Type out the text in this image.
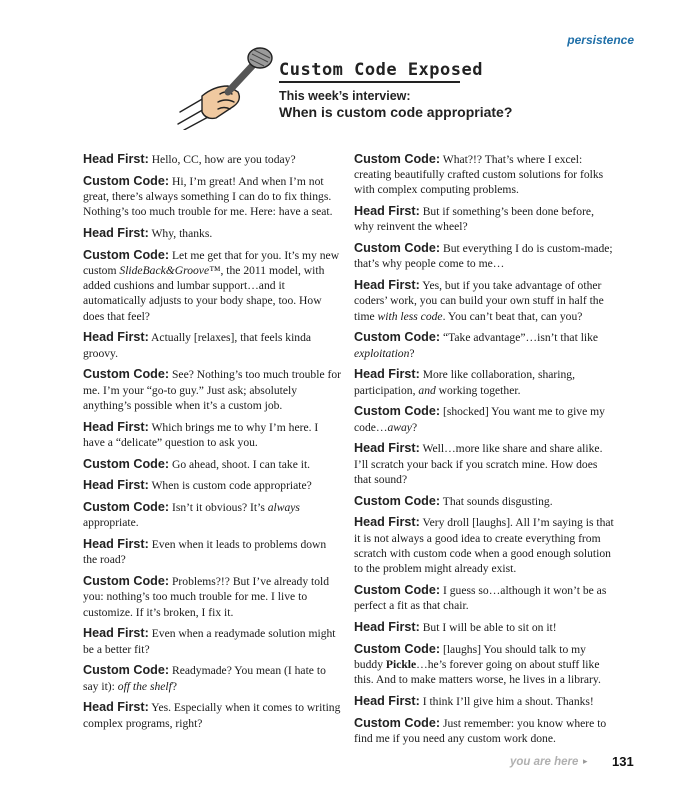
persistence
Custom Code Exposed
This week’s interview:
When is custom code appropriate?

Head First: Hello, CC, how are you today?

Custom Code: Hi, I’m great! And when I’m not great, there’s always something I can do to fix things. Nothing’s too much trouble for me. Here: have a seat.

Head First: Why, thanks.

Custom Code: Let me get that for you. It’s my new custom SlideBack&Groove™, the 2011 model, with added cushions and lumbar support…and it automatically adjusts to your body shape, too. How does that feel?

Head First: Actually [relaxes], that feels kinda groovy.

Custom Code: See? Nothing’s too much trouble for me. I’m your “go-to guy.” Just ask; absolutely anything’s possible when it’s a custom job.

Head First: Which brings me to why I’m here. I have a “delicate” question to ask you.

Custom Code: Go ahead, shoot. I can take it.

Head First: When is custom code appropriate?

Custom Code: Isn’t it obvious? It’s always appropriate.

Head First: Even when it leads to problems down the road?

Custom Code: Problems?!? But I’ve already told you: nothing’s too much trouble for me. I live to customize. If it’s broken, I fix it.

Head First: Even when a readymade solution might be a better fit?

Custom Code: Readymade? You mean (I hate to say it): off the shelf?

Head First: Yes. Especially when it comes to writing complex programs, right?

Custom Code: What?!? That’s where I excel: creating beautifully crafted custom solutions for folks with complex computing problems.

Head First: But if something’s been done before, why reinvent the wheel?

Custom Code: But everything I do is custom-made; that’s why people come to me…

Head First: Yes, but if you take advantage of other coders’ work, you can build your own stuff in half the time with less code. You can’t beat that, can you?

Custom Code: “Take advantage”…isn’t that like exploitation?

Head First: More like collaboration, sharing, participation, and working together.

Custom Code: [shocked] You want me to give my code…away?

Head First: Well…more like share and share alike. I’ll scratch your back if you scratch mine. How does that sound?

Custom Code: That sounds disgusting.

Head First: Very droll [laughs]. All I’m saying is that it is not always a good idea to create everything from scratch with custom code when a good enough solution to the problem might already exist.

Custom Code: I guess so…although it won’t be as perfect a fit as that chair.

Head First: But I will be able to sit on it!

Custom Code: [laughs] You should talk to my buddy Pickle…he’s forever going on about stuff like this. And to make matters worse, he lives in a library.

Head First: I think I’ll give him a shout. Thanks!

Custom Code: Just remember: you know where to find me if you need any custom work done.

you are here ▸ 131
